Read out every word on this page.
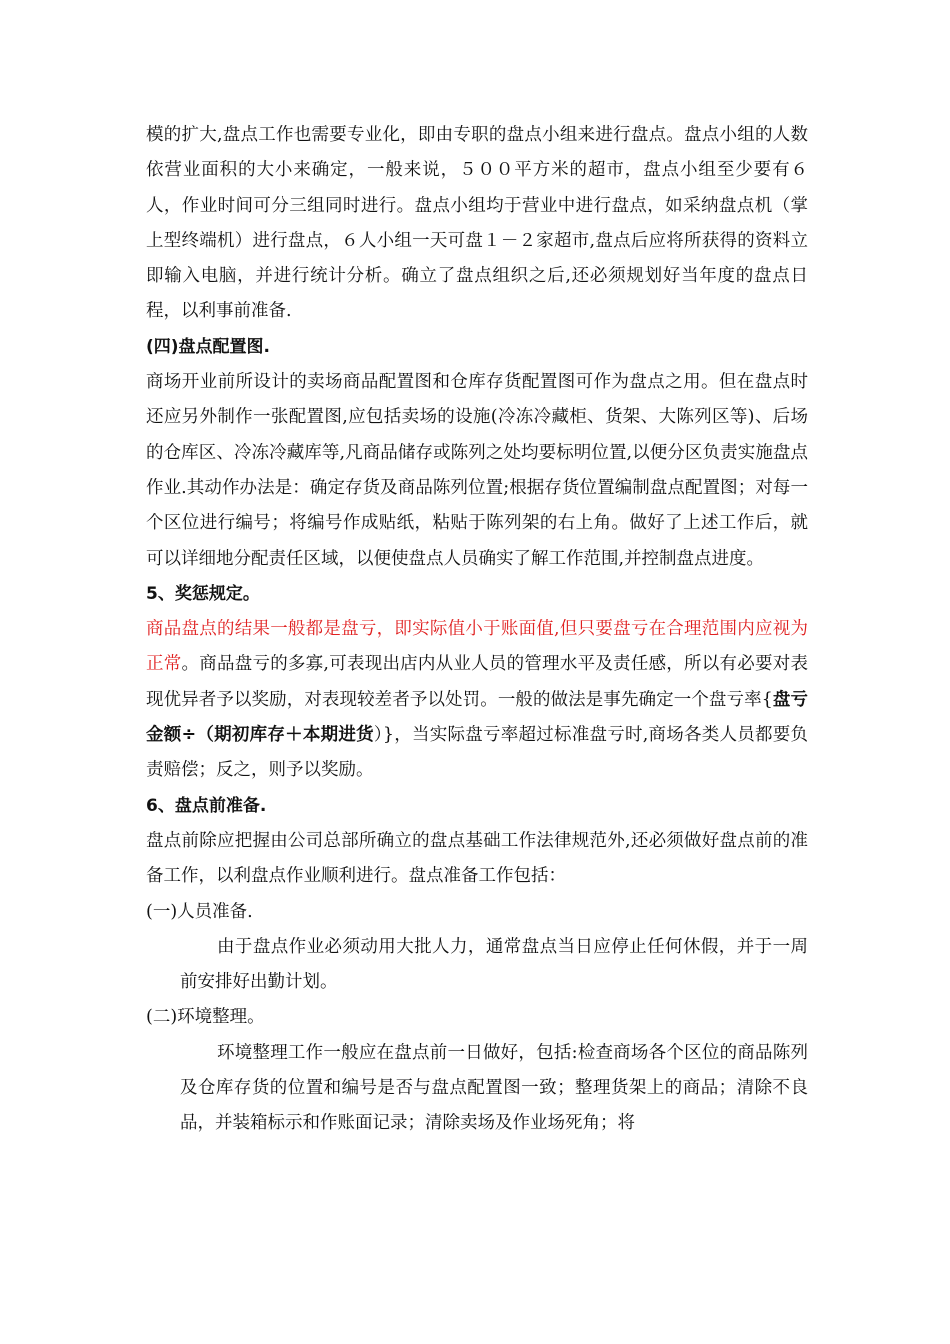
模的扩大,盘点工作也需要专业化，即由专职的盘点小组来进行盘点。盘点小组的人数依营业面积的大小来确定，一般来说，５００平方米的超市，盘点小组至少要有６人，作业时间可分三组同时进行。盘点小组均于营业中进行盘点，如采纳盘点机（掌上型终端机）进行盘点，６人小组一天可盘１－２家超市,盘点后应将所获得的资料立即输入电脑，并进行统计分析。确立了盘点组织之后,还必须规划好当年度的盘点日程，以利事前准备.

(四)盘点配置图.

商场开业前所设计的卖场商品配置图和仓库存货配置图可作为盘点之用。但在盘点时还应另外制作一张配置图,应包括卖场的设施(冷冻冷藏柜、货架、大陈列区等)、后场的仓库区、冷冻冷藏库等,凡商品储存或陈列之处均要标明位置,以便分区负责实施盘点作业.其动作办法是：确定存货及商品陈列位置;根据存货位置编制盘点配置图；对每一个区位进行编号；将编号作成贴纸，粘贴于陈列架的右上角。做好了上述工作后，就可以详细地分配责任区域，以便使盘点人员确实了解工作范围,并控制盘点进度。

5、奖惩规定。

商品盘点的结果一般都是盘亏，即实际值小于账面值,但只要盘亏在合理范围内应视为正常。商品盘亏的多寡,可表现出店内从业人员的管理水平及责任感，所以有必要对表现优异者予以奖励，对表现较差者予以处罚。一般的做法是事先确定一个盘亏率{盘亏金额÷（期初库存＋本期进货）}，当实际盘亏率超过标准盘亏时,商场各类人员都要负责赔偿；反之，则予以奖励。

6、盘点前准备.

盘点前除应把握由公司总部所确立的盘点基础工作法律规范外,还必须做好盘点前的准备工作，以利盘点作业顺利进行。盘点准备工作包括：

(一)人员准备.

由于盘点作业必须动用大批人力，通常盘点当日应停止任何休假，并于一周前安排好出勤计划。

(二)环境整理。

环境整理工作一般应在盘点前一日做好，包括:检查商场各个区位的商品陈列及仓库存货的位置和编号是否与盘点配置图一致；整理货架上的商品；清除不良品，并装箱标示和作账面记录；清除卖场及作业场死角；将
